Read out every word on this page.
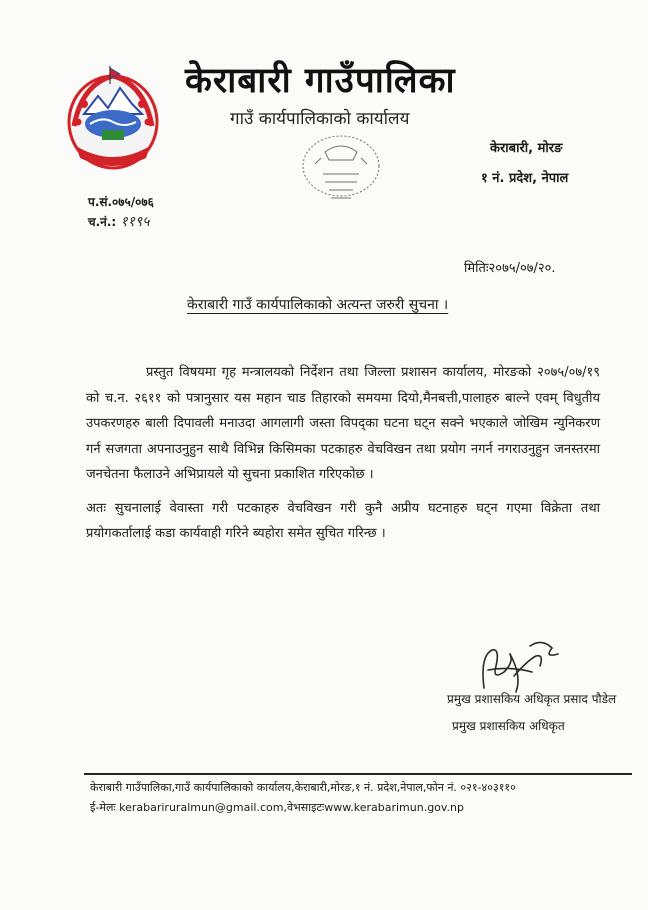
केराबारी गाउँपालिका
गाउँ कार्यपालिकाको कार्यालय
केराबारी, मोरङ
१ नं. प्रदेश, नेपाल
प.सं.०७५/०७६
च.नं.: ११९५
मितिः२०७५/०७/२०.
केराबारी गाउँ कार्यपालिकाको अत्यन्त जरुरी सुचना ।

प्रस्तुत विषयमा गृह मन्त्रालयको निर्देशन तथा जिल्ला प्रशासन कार्यालय, मोरङको २०७५/०७/१९ को च.न. २६११ को पत्रानुसार यस महान चाड तिहारको समयमा दियो,मैनबत्ती,पालाहरु बाल्ने एवम् विधुतीय उपकरणहरु बाली दिपावली मनाउदा आगलागी जस्ता विपद्का घटना घट्न सक्ने भएकाले जोखिम न्युनिकरण गर्न सजगता अपनाउनुहुन साथै विभिन्न किसिमका पटकाहरु वेचविखन तथा प्रयोग नगर्न नगराउनुहुन जनस्तरमा जनचेतना फैलाउने अभिप्रायले यो सुचना प्रकाशित गरिएकोछ ।

अतः सुचनालाई वेवास्ता गरी पटकाहरु वेचविखन गरी कुनै अप्रीय घटनाहरु घट्न गएमा विक्रेता तथा प्रयोगकर्तालाई कडा कार्यवाही गरिने ब्यहोरा समेत सुचित गरिन्छ ।

प्रमुख प्रशासकिय अधिकृत प्रसाद पौडेल
प्रमुख प्रशासकिय अधिकृत
केराबारी गाउँपालिका,गाउँ कार्यपालिकाको कार्यालय,केराबारी,मोरङ,१ नं. प्रदेश,नेपाल,फोन नं. ०२१-४०३११०
ई-मेलः kerabariruralmun@gmail.com,वेभसाइटःwww.kerabarimun.gov.np
